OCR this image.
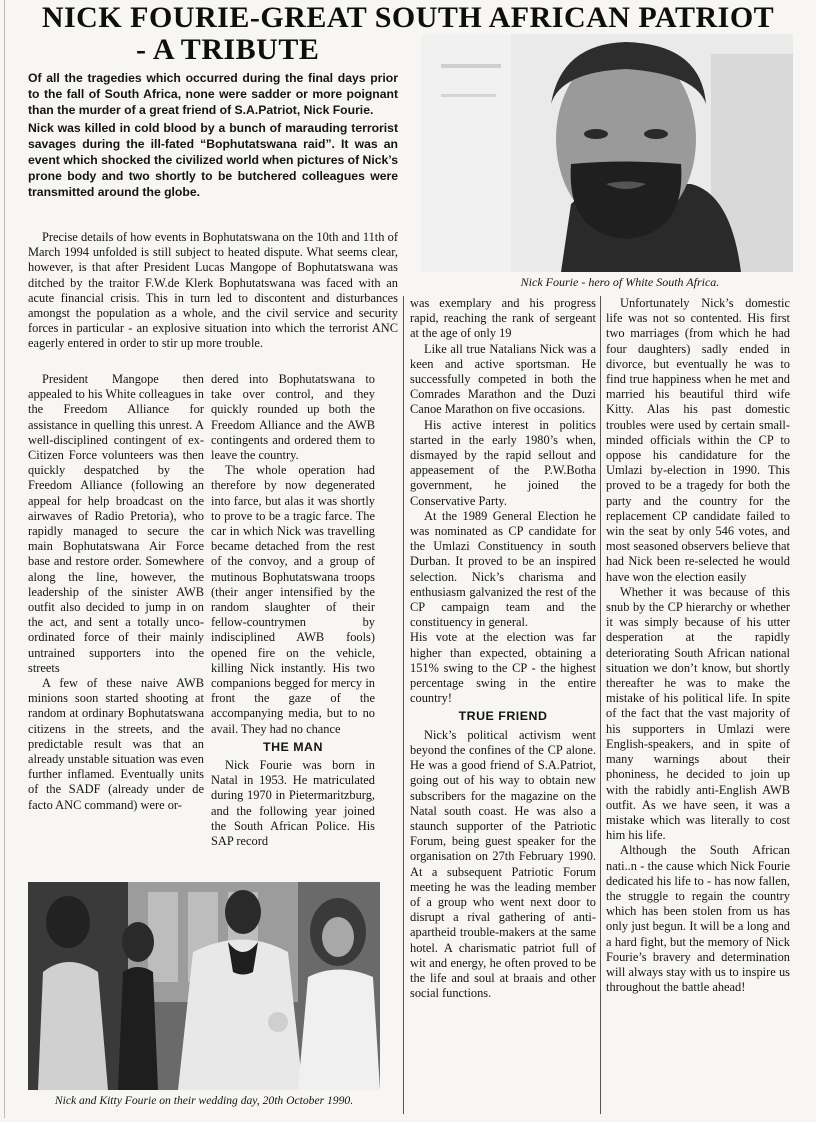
NICK FOURIE-GREAT SOUTH AFRICAN PATRIOT
- A TRIBUTE

Of all the tragedies which occurred during the final days prior to the fall of South Africa, none were sadder or more poignant than the murder of a great friend of S.A.Patriot, Nick Fourie.

Nick was killed in cold blood by a bunch of marauding terrorist savages during the ill-fated “Bophutatswana raid”. It was an event which shocked the civilized world when pictures of Nick’s prone body and two shortly to be butchered colleagues were transmitted around the globe.

Precise details of how events in Bophutatswana on the 10th and 11th of March 1994 unfolded is still subject to heated dispute. What seems clear, however, is that after President Lucas Mangope of Bophutatswana was ditched by the traitor F.W.de Klerk Bophutatswana was faced with an acute financial crisis. This in turn led to discontent and disturbances amongst the population as a whole, and the civil service and security forces in particular - an explosive situation into which the terrorist ANC eagerly entered in order to stir up more trouble.

Nick Fourie - hero of White South Africa.

President Mangope then appealed to his White colleagues in the Freedom Alliance for assistance in quelling this unrest. A well-disciplined contingent of ex-Citizen Force volunteers was then quickly despatched by the Freedom Alliance (following an appeal for help broadcast on the airwaves of Radio Pretoria), who rapidly managed to secure the main Bophutatswana Air Force base and restore order. Somewhere along the line, however, the leadership of the sinister AWB outfit also decided to jump in on the act, and sent a totally unco-ordinated force of their mainly untrained supporters into the streets

A few of these naive AWB minions soon started shooting at random at ordinary Bophutatswana citizens in the streets, and the predictable result was that an already unstable situation was even further inflamed. Eventually units of the SADF (already under de facto ANC command) were or-

dered into Bophutatswana to take over control, and they quickly rounded up both the Freedom Alliance and the AWB contingents and ordered them to leave the country.

The whole operation had therefore by now degenerated into farce, but alas it was shortly to prove to be a tragic farce. The car in which Nick was travelling became detached from the rest of the convoy, and a group of mutinous Bophutatswana troops (their anger intensified by the random slaughter of their fellow-countrymen by indisciplined AWB fools) opened fire on the vehicle, killing Nick instantly. His two companions begged for mercy in front the gaze of the accompanying media, but to no avail. They had no chance

THE MAN

Nick Fourie was born in Natal in 1953. He matriculated during 1970 in Pietermaritzburg, and the following year joined the South African Police. His SAP record

was exemplary and his progress rapid, reaching the rank of sergeant at the age of only 19

Like all true Natalians Nick was a keen and active sportsman. He successfully competed in both the Comrades Marathon and the Duzi Canoe Marathon on five occasions.

His active interest in politics started in the early 1980’s when, dismayed by the rapid sellout and appeasement of the P.W.Botha government, he joined the Conservative Party.

At the 1989 General Election he was nominated as CP candidate for the Umlazi Constituency in south Durban. It proved to be an inspired selection. Nick’s charisma and enthusiasm galvanized the rest of the CP campaign team and the constituency in general.

His vote at the election was far higher than expected, obtaining a 151% swing to the CP - the highest percentage swing in the entire country!

TRUE FRIEND

Nick’s political activism went beyond the confines of the CP alone. He was a good friend of S.A.Patriot, going out of his way to obtain new subscribers for the magazine on the Natal south coast. He was also a staunch supporter of the Patriotic Forum, being guest speaker for the organisation on 27th February 1990. At a subsequent Patriotic Forum meeting he was the leading member of a group who went next door to disrupt a rival gathering of anti-apartheid trouble-makers at the same hotel. A charismatic patriot full of wit and energy, he often proved to be the life and soul at braais and other social functions.

Unfortunately Nick’s domestic life was not so contented. His first two marriages (from which he had four daughters) sadly ended in divorce, but eventually he was to find true happiness when he met and married his beautiful third wife Kitty. Alas his past domestic troubles were used by certain small-minded officials within the CP to oppose his candidature for the Umlazi by-election in 1990. This proved to be a tragedy for both the party and the country for the replacement CP candidate failed to win the seat by only 546 votes, and most seasoned observers believe that had Nick been re-selected he would have won the election easily

Whether it was because of this snub by the CP hierarchy or whether it was simply because of his utter desperation at the rapidly deteriorating South African national situation we don’t know, but shortly thereafter he was to make the mistake of his political life. In spite of the fact that the vast majority of his supporters in Umlazi were English-speakers, and in spite of many warnings about their phoniness, he decided to join up with the rabidly anti-English AWB outfit. As we have seen, it was a mistake which was literally to cost him his life.

Although the South African nati..n - the cause which Nick Fourie dedicated his life to - has now fallen, the struggle to regain the country which has been stolen from us has only just begun. It will be a long and a hard fight, but the memory of Nick Fourie’s bravery and determination will always stay with us to inspire us throughout the battle ahead!

Nick and Kitty Fourie on their wedding day, 20th October 1990.
